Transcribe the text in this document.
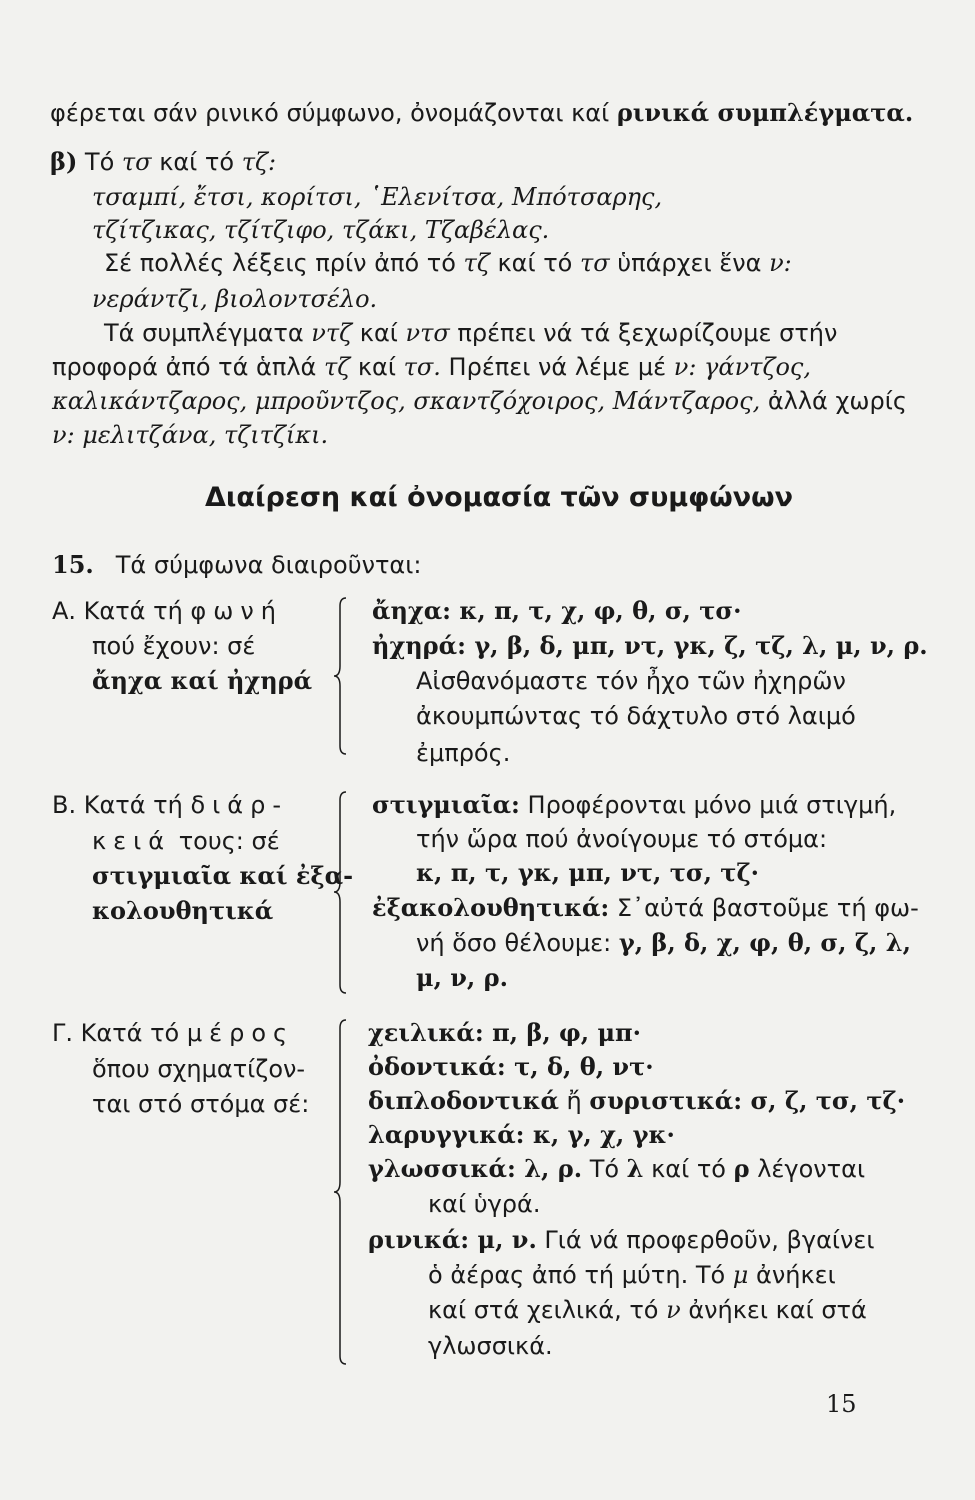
φέρεται σάν ρινικό σύμφωνο, ὀνομάζονται καί ρινικά συμπλέγματα.
β) Τό τσ καί τό τζ:
τσαμπί, ἔτσι, κορίτσι, ῾Ελενίτσα, Μπότσαρης,
τζίτζικας, τζίτζιφο, τζάκι, Τζαβέλας.
Σέ πολλές λέξεις πρίν ἀπό τό τζ καί τό τσ ὑπάρχει ἕνα ν:
νεράντζι, βιολοντσέλο.
Τά συμπλέγματα ντζ καί ντσ πρέπει νά τά ξεχωρίζουμε στήν
προφορά ἀπό τά ἁπλά τζ καί τσ. Πρέπει νά λέμε μέ ν: γάντζος,
καλικάντζαρος, μπροῦντζος, σκαντζόχοιρος, Μάντζαρος, ἀλλά χωρίς
ν: μελιτζάνα, τζιτζίκι.
Διαίρεση καί ὀνομασία τῶν συμφώνων
15. Τά σύμφωνα διαιροῦνται:
Α. Κατά τή φωνή
πού ἔχουν: σέ
ἄηχα καί ἠχηρά
ἄηχα: κ, π, τ, χ, φ, θ, σ, τσ·
ἠχηρά: γ, β, δ, μπ, ντ, γκ, ζ, τζ, λ, μ, ν, ρ.
Αἰσθανόμαστε τόν ἦχο τῶν ἠχηρῶν
ἀκουμπώντας τό δάχτυλο στό λαιμό
ἐμπρός.
Β. Κατά τή διάρ-
κειά τους: σέ
στιγμιαῖα καί ἐξα-
κολουθητικά
στιγμιαῖα: Προφέρονται μόνο μιά στιγμή,
τήν ὥρα πού ἀνοίγουμε τό στόμα:
κ, π, τ, γκ, μπ, ντ, τσ, τζ·
ἐξακολουθητικά: Σ᾽αὐτά βαστοῦμε τή φω-
νή ὅσο θέλουμε: γ, β, δ, χ, φ, θ, σ, ζ, λ,
μ, ν, ρ.
Γ. Κατά τό μέρος
ὅπου σχηματίζον-
ται στό στόμα σέ:
χειλικά: π, β, φ, μπ·
ὀδοντικά: τ, δ, θ, ντ·
διπλοδοντικά ἤ συριστικά: σ, ζ, τσ, τζ·
λαρυγγικά: κ, γ, χ, γκ·
γλωσσικά: λ, ρ. Τό λ καί τό ρ λέγονται
καί ὑγρά.
ρινικά: μ, ν. Γιά νά προφερθοῦν, βγαίνει
ὁ ἀέρας ἀπό τή μύτη. Τό μ ἀνήκει
καί στά χειλικά, τό ν ἀνήκει καί στά
γλωσσικά.
15
